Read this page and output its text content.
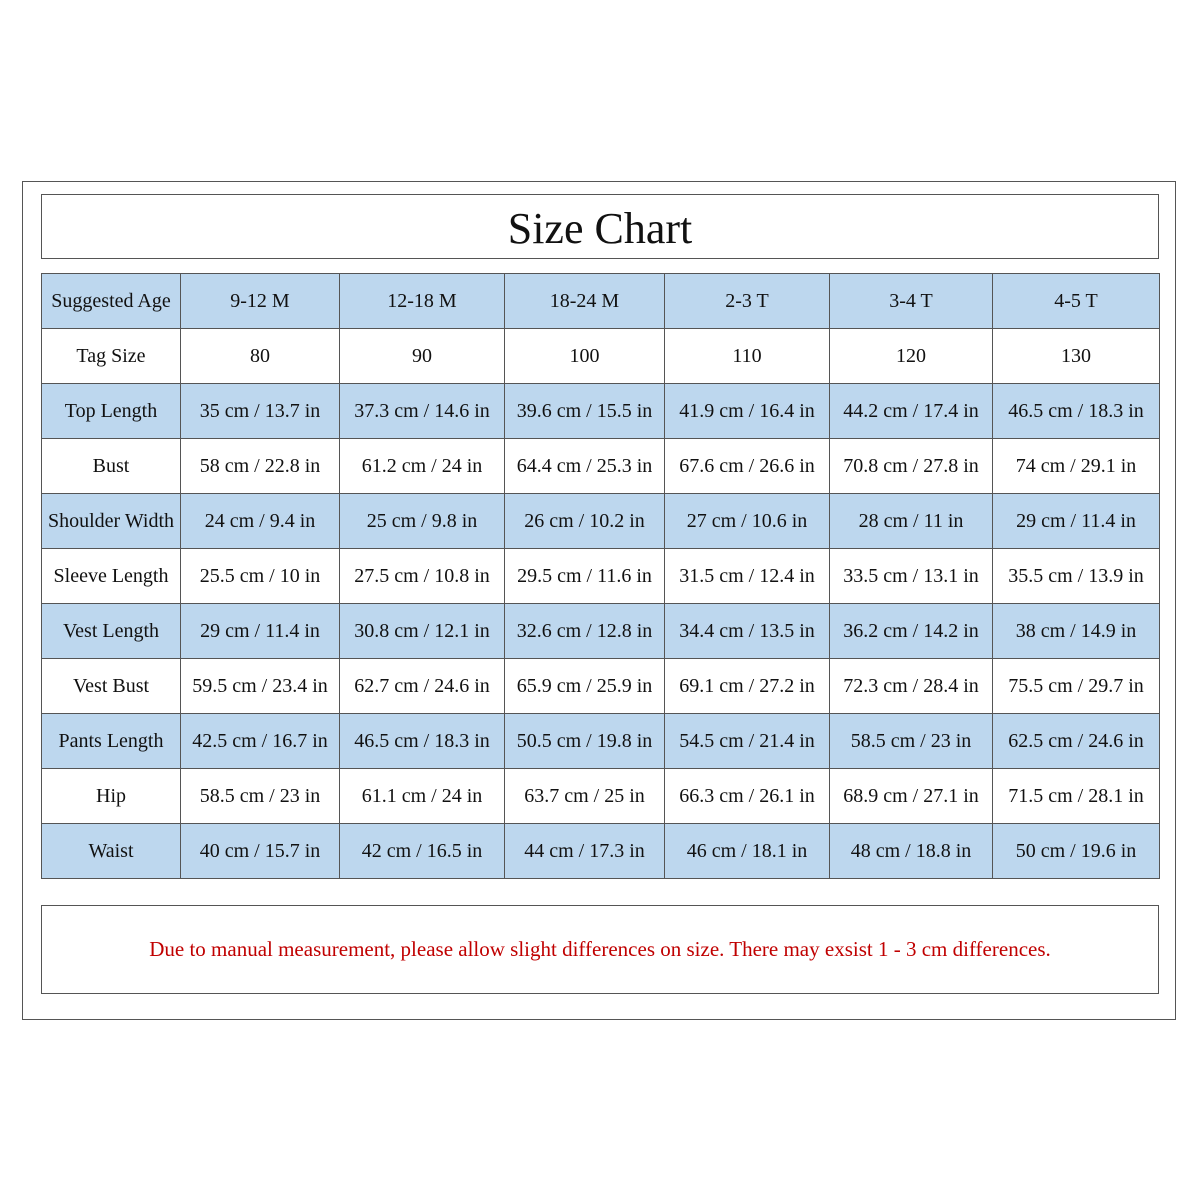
Size Chart
Suggested Age	9-12 M	12-18 M	18-24 M	2-3 T	3-4 T	4-5 T
Tag Size	80	90	100	110	120	130
Top Length	35 cm / 13.7 in	37.3 cm / 14.6 in	39.6 cm / 15.5 in	41.9 cm / 16.4 in	44.2 cm / 17.4 in	46.5 cm / 18.3 in
Bust	58 cm / 22.8 in	61.2 cm / 24 in	64.4 cm / 25.3 in	67.6 cm / 26.6 in	70.8 cm / 27.8 in	74 cm / 29.1 in
Shoulder Width	24 cm / 9.4 in	25 cm / 9.8 in	26 cm / 10.2 in	27 cm / 10.6 in	28 cm / 11 in	29 cm / 11.4 in
Sleeve Length	25.5 cm / 10 in	27.5 cm / 10.8 in	29.5 cm / 11.6 in	31.5 cm / 12.4 in	33.5 cm / 13.1 in	35.5 cm / 13.9 in
Vest Length	29 cm / 11.4 in	30.8 cm / 12.1 in	32.6 cm / 12.8 in	34.4 cm / 13.5 in	36.2 cm / 14.2 in	38 cm / 14.9 in
Vest Bust	59.5 cm / 23.4 in	62.7 cm / 24.6 in	65.9 cm / 25.9 in	69.1 cm / 27.2 in	72.3 cm / 28.4 in	75.5 cm / 29.7 in
Pants Length	42.5 cm / 16.7 in	46.5 cm / 18.3 in	50.5 cm / 19.8 in	54.5 cm / 21.4 in	58.5 cm / 23 in	62.5 cm / 24.6 in
Hip	58.5 cm / 23 in	61.1 cm / 24 in	63.7 cm / 25 in	66.3 cm / 26.1 in	68.9 cm / 27.1 in	71.5 cm / 28.1 in
Waist	40 cm / 15.7 in	42 cm / 16.5 in	44 cm / 17.3 in	46 cm / 18.1 in	48 cm / 18.8 in	50 cm / 19.6 in
Due to manual measurement, please allow slight differences on size. There may exsist 1 - 3 cm differences.
